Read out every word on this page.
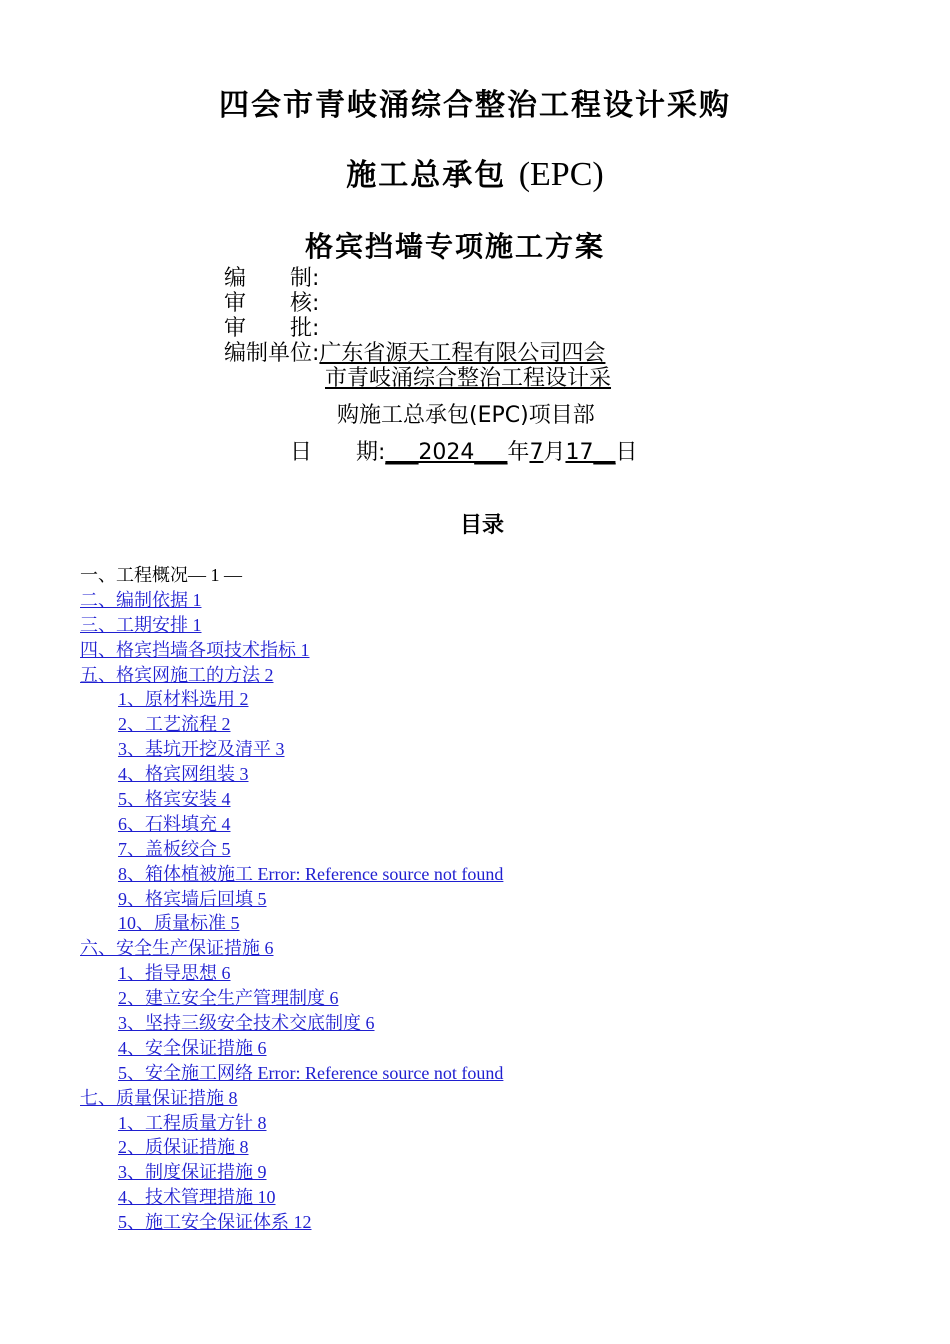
四会市青岐涌综合整治工程设计采购
施工总承包 (EPC)
格宾挡墙专项施工方案
编　　制:
审　　核:
审　　批:
编制单位:广东省源天工程有限公司四会
市青岐涌综合整治工程设计采
购施工总承包(EPC)项目部
日　　期:___2024___年7月17__日
目录
一、工程概况— 1 —
二、编制依据 1
三、工期安排 1
四、格宾挡墙各项技术指标 1
五、格宾网施工的方法 2
1、原材料选用 2
2、工艺流程 2
3、基坑开挖及清平 3
4、格宾网组装 3
5、格宾安装 4
6、石料填充 4
7、盖板绞合 5
8、箱体植被施工 Error: Reference source not found
9、格宾墙后回填 5
10、质量标准 5
六、安全生产保证措施 6
1、指导思想 6
2、建立安全生产管理制度 6
3、坚持三级安全技术交底制度 6
4、安全保证措施 6
5、安全施工网络 Error: Reference source not found
七、质量保证措施 8
1、工程质量方针 8
2、质保证措施 8
3、制度保证措施 9
4、技术管理措施 10
5、施工安全保证体系 12
